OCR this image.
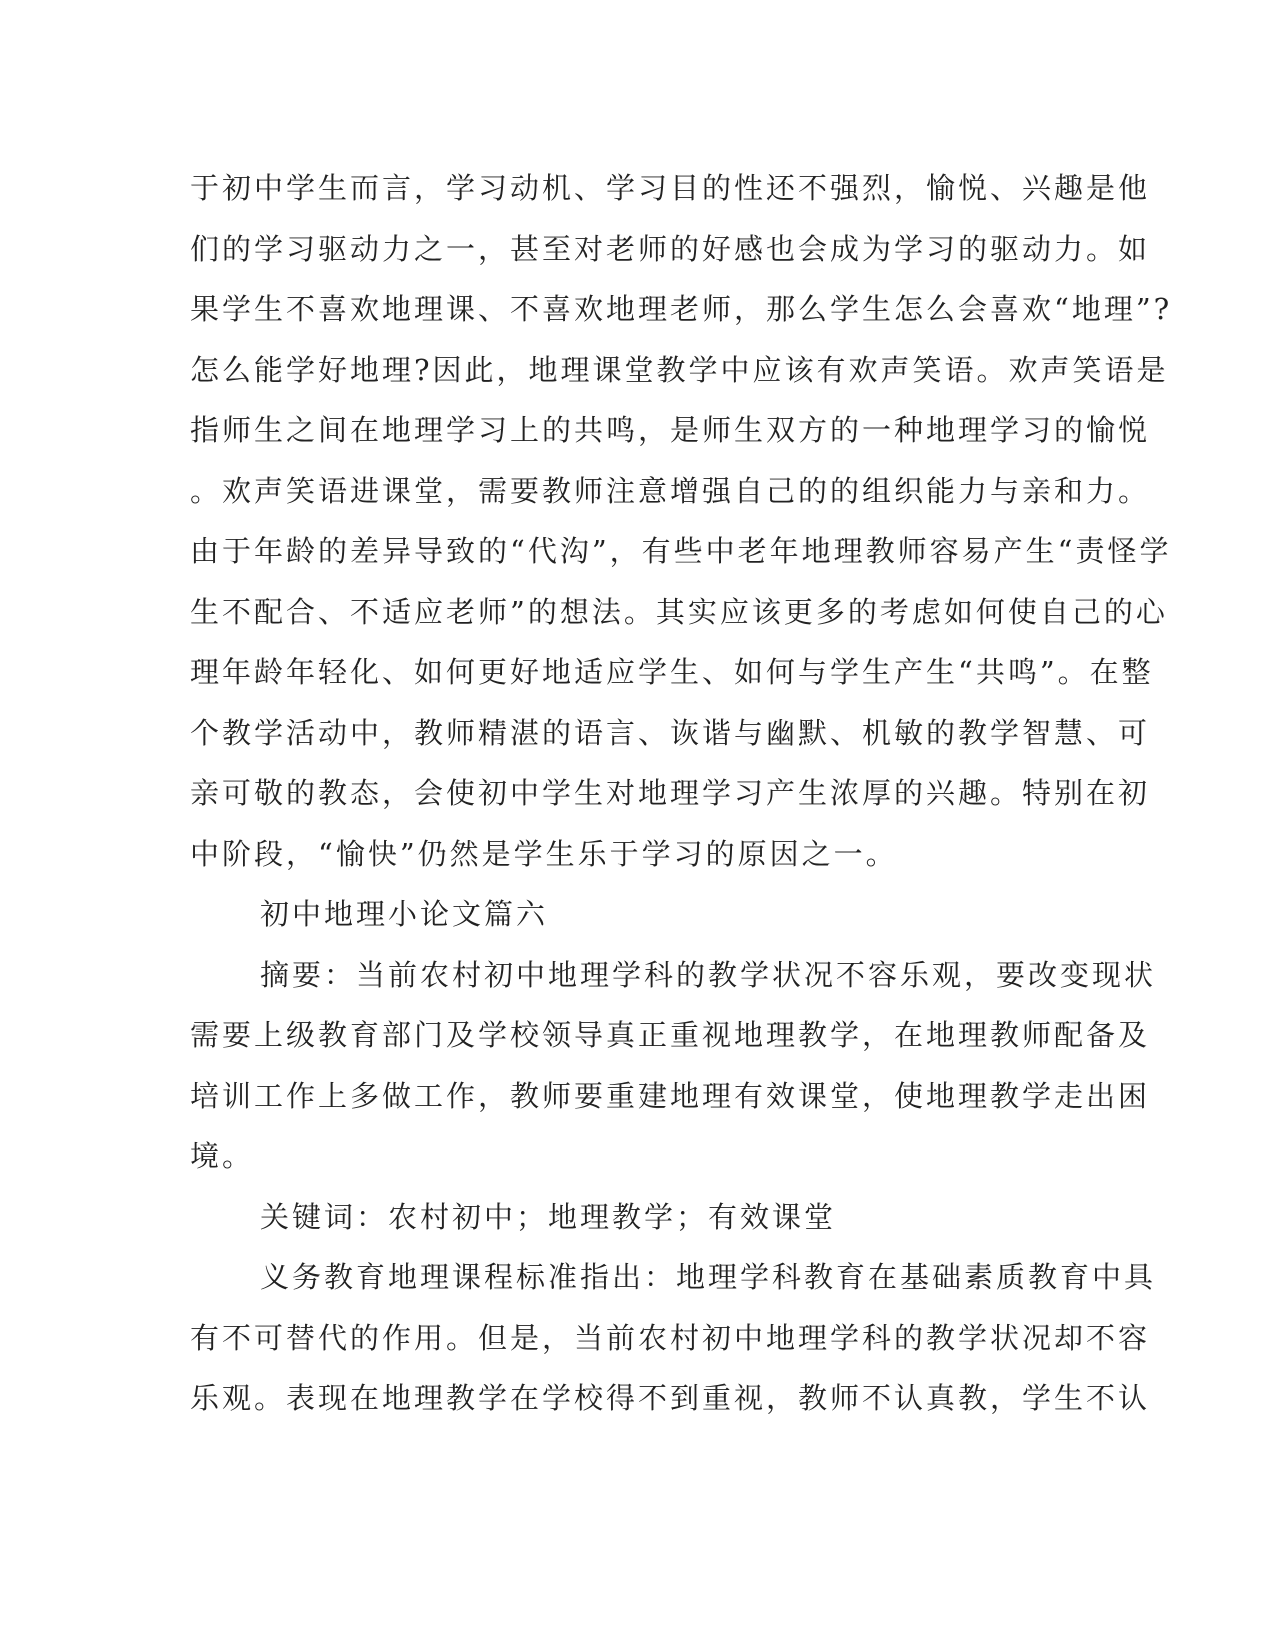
于初中学生而言，学习动机、学习目的性还不强烈，愉悦、兴趣是他
们的学习驱动力之一，甚至对老师的好感也会成为学习的驱动力。如
果学生不喜欢地理课、不喜欢地理老师，那么学生怎么会喜欢“地理”?
怎么能学好地理?因此，地理课堂教学中应该有欢声笑语。欢声笑语是
指师生之间在地理学习上的共鸣，是师生双方的一种地理学习的愉悦
。欢声笑语进课堂，需要教师注意增强自己的的组织能力与亲和力。
由于年龄的差异导致的“代沟”，有些中老年地理教师容易产生“责怪学
生不配合、不适应老师”的想法。其实应该更多的考虑如何使自己的心
理年龄年轻化、如何更好地适应学生、如何与学生产生“共鸣”。在整
个教学活动中，教师精湛的语言、诙谐与幽默、机敏的教学智慧、可
亲可敬的教态，会使初中学生对地理学习产生浓厚的兴趣。特别在初
中阶段，“愉快”仍然是学生乐于学习的原因之一。
初中地理小论文篇六
摘要：当前农村初中地理学科的教学状况不容乐观，要改变现状
需要上级教育部门及学校领导真正重视地理教学，在地理教师配备及
培训工作上多做工作，教师要重建地理有效课堂，使地理教学走出困
境。
关键词：农村初中；地理教学；有效课堂
义务教育地理课程标准指出：地理学科教育在基础素质教育中具
有不可替代的作用。但是，当前农村初中地理学科的教学状况却不容
乐观。表现在地理教学在学校得不到重视，教师不认真教，学生不认
